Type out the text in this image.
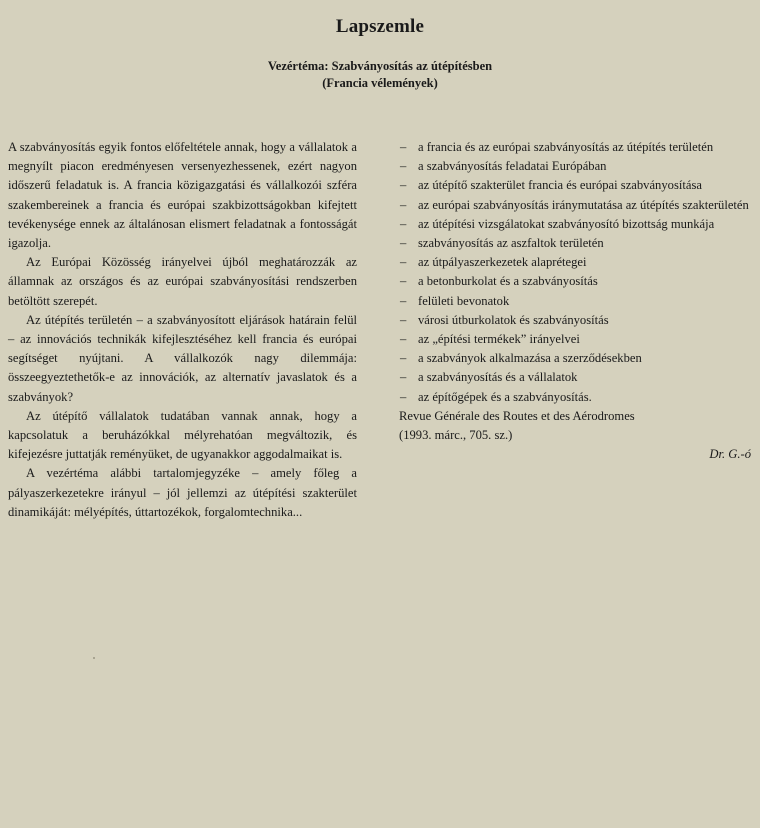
Lapszemle
Vezértéma: Szabványosítás az útépítésben
(Francia vélemények)

A szabványosítás egyik fontos előfeltétele annak, hogy a vállalatok a megnyílt piacon eredményesen versenyezhessenek, ezért nagyon időszerű feladatuk is. A francia közigazgatási és vállalkozói szféra szakembereinek a francia és európai szakbizottságokban kifejtett tevékenysége ennek az általánosan elismert feladatnak a fontosságát igazolja.

Az Európai Közösség irányelvei újból meghatározzák az államnak az országos és az európai szabványosítási rendszerben betöltött szerepét.

Az útépítés területén – a szabványosított eljárások határain felül – az innovációs technikák kifejlesztéséhez kell francia és európai segítséget nyújtani. A vállalkozók nagy dilemmája: összeegyeztethetők-e az innovációk, az alternatív javaslatok és a szabványok?

Az útépítő vállalatok tudatában vannak annak, hogy a kapcsolatuk a beruházókkal mélyrehatóan megváltozik, és kifejezésre juttatják reményüket, de ugyanakkor aggodalmaikat is.

A vezértéma alábbi tartalomjegyzéke – amely főleg a pályaszerkezetekre irányul – jól jellemzi az útépítési szakterület dinamikáját: mélyépítés, úttartozékok, forgalomtechnika...

– a francia és az európai szabványosítás az útépítés területén
– a szabványosítás feladatai Európában
– az útépítő szakterület francia és európai szabványosítása
– az európai szabványosítás iránymutatása az útépítés szakterületén
– az útépítési vizsgálatokat szabványosító bizottság munkája
– szabványosítás az aszfaltok területén
– az útpályaszerkezetek alaprétegei
– a betonburkolat és a szabványosítás
– felületi bevonatok
– városi útburkolatok és szabványosítás
– az „építési termékek” irányelvei
– a szabványok alkalmazása a szerződésekben
– a szabványosítás és a vállalatok
– az építőgépek és a szabványosítás.
Revue Générale des Routes et des Aérodromes
(1993. márc., 705. sz.)
Dr. G.-ó
